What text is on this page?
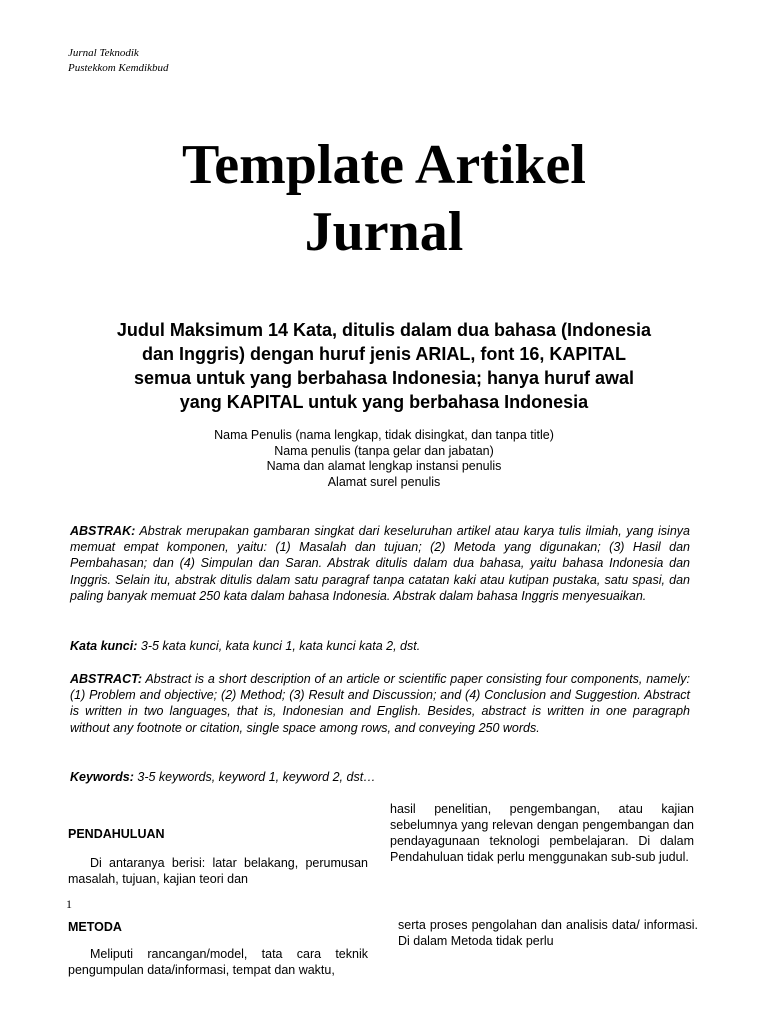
Jurnal Teknodik
Pustekkom Kemdikbud
Template Artikel
Jurnal
Judul Maksimum 14 Kata, ditulis dalam dua bahasa (Indonesia
dan Inggris) dengan huruf jenis ARIAL, font 16, KAPITAL
semua untuk yang berbahasa Indonesia; hanya huruf awal
yang KAPITAL untuk yang berbahasa Indonesia
Nama Penulis (nama lengkap, tidak disingkat, dan tanpa title)
Nama penulis (tanpa gelar dan jabatan)
Nama dan alamat lengkap instansi penulis
Alamat surel penulis
ABSTRAK: Abstrak merupakan gambaran singkat dari keseluruhan artikel atau karya tulis ilmiah, yang isinya memuat empat komponen, yaitu: (1) Masalah dan tujuan; (2) Metoda yang digunakan; (3) Hasil dan Pembahasan; dan (4) Simpulan dan Saran. Abstrak ditulis dalam dua bahasa, yaitu bahasa Indonesia dan Inggris. Selain itu, abstrak ditulis dalam satu paragraf tanpa catatan kaki atau kutipan pustaka, satu spasi, dan paling banyak memuat 250 kata dalam bahasa Indonesia. Abstrak dalam bahasa Inggris menyesuaikan.
Kata kunci: 3-5 kata kunci, kata kunci 1, kata kunci kata 2, dst.
ABSTRACT: Abstract is a short description of an article or scientific paper consisting four components, namely: (1) Problem and objective; (2) Method; (3) Result and Discussion; and (4) Conclusion and Suggestion. Abstract is written in two languages, that is, Indonesian and English. Besides, abstract is written in one paragraph without any footnote or citation, single space among rows, and conveying 250 words.
Keywords: 3-5 keywords, keyword 1, keyword 2, dst…
PENDAHULUAN
Di antaranya berisi: latar belakang, perumusan masalah, tujuan, kajian teori dan
hasil penelitian, pengembangan, atau kajian sebelumnya yang relevan dengan pengembangan dan pendayagunaan teknologi pembelajaran. Di dalam Pendahuluan tidak perlu menggunakan sub-sub judul.
1
METODA
Meliputi rancangan/model, tata cara teknik pengumpulan data/informasi, tempat dan waktu,
serta proses pengolahan dan analisis data/ informasi. Di dalam Metoda tidak perlu
